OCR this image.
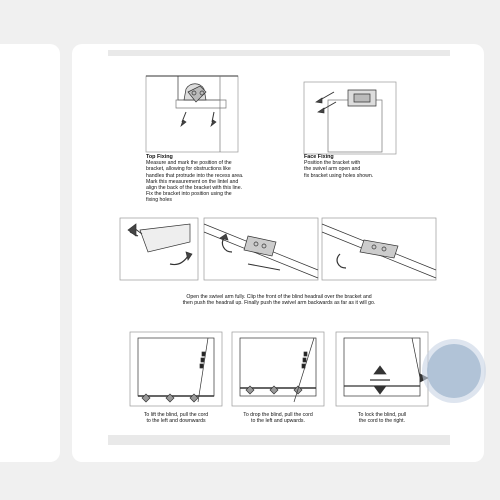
Top Fixing
Measure and mark the position of the
bracket, allowing for obstructions like
handles that protrude into the recess area.
Mark this measurement on the lintel and
align the back of the bracket with this line.
Fix the bracket into position using the
fixing holes
Face Fixing
Position the bracket with
the swivel arm open and
fix bracket using holes shown.
Open the swivel arm fully. Clip the front of the blind headrail over the bracket and
then push the headrail up. Finally push the swivel arm backwards as far as it will go.
To lift the blind, pull the cord
to the left and downwards
To drop the blind, pull the cord
to the left and upwards.
To lock the blind, pull
the cord to the right.
